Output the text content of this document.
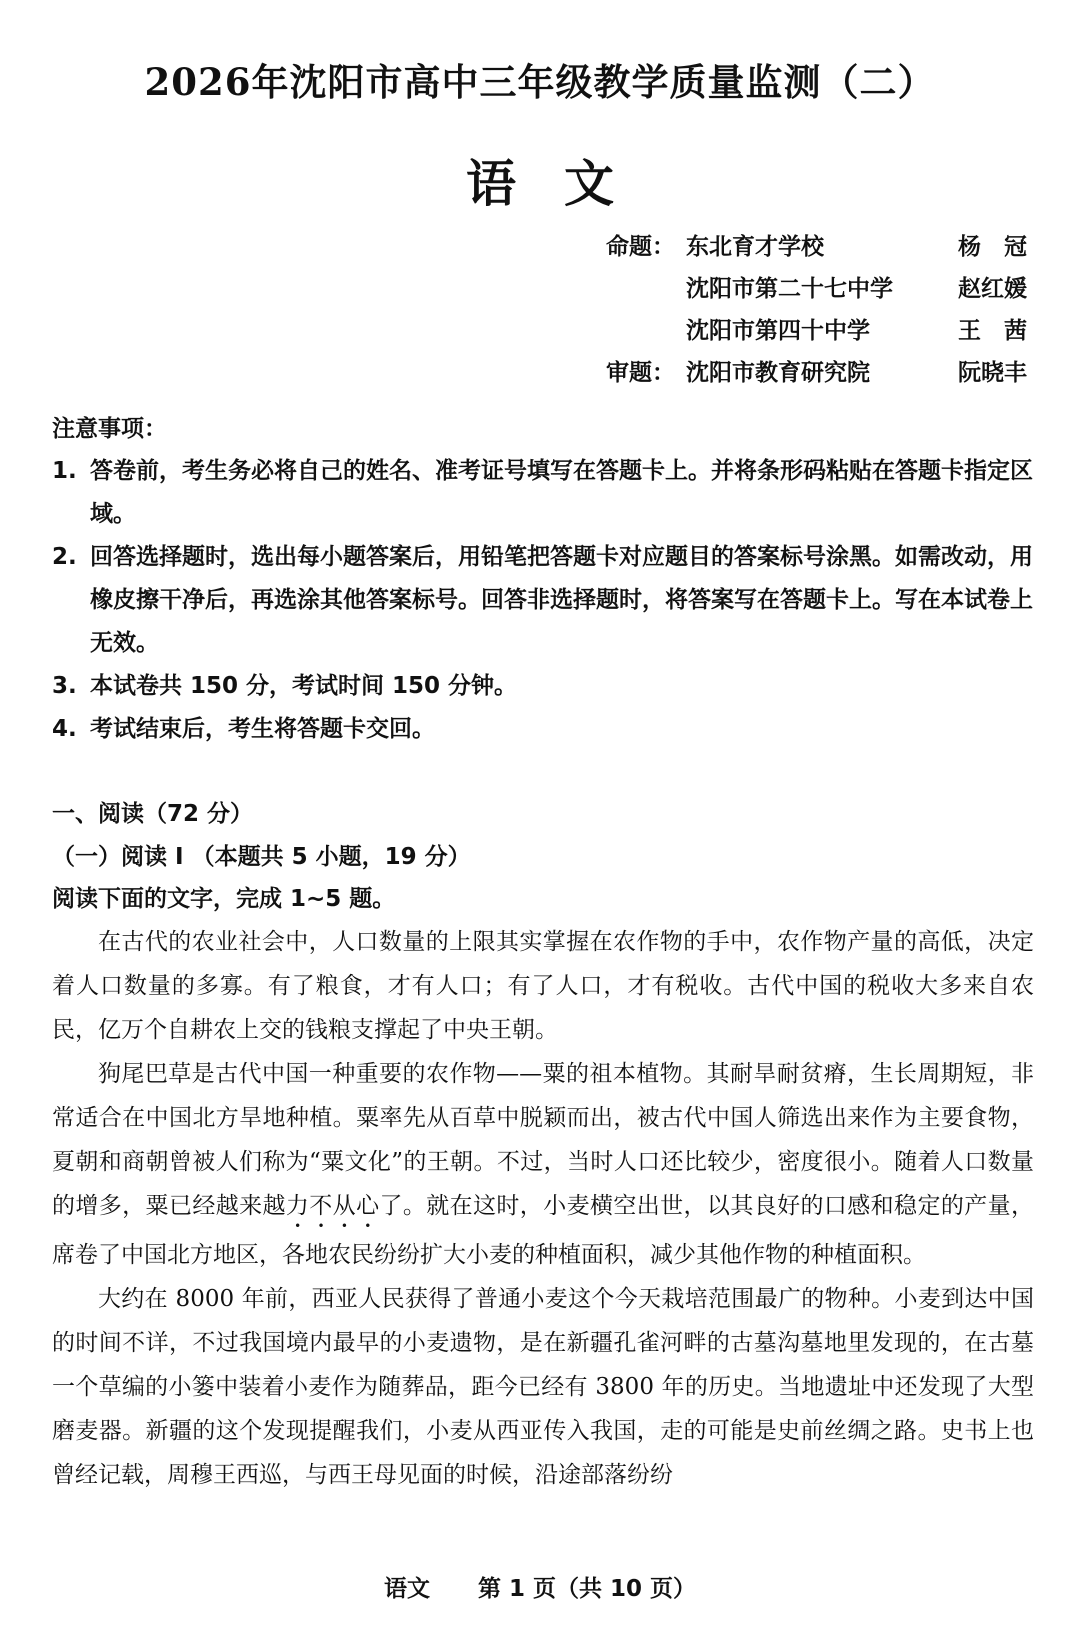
2026年沈阳市高中三年级教学质量监测（二）
语文
命题： 东北育才学校	杨　冠
沈阳市第二十七中学	赵红媛
沈阳市第四十中学	王　茜
审题： 沈阳市教育研究院	阮晓丰
注意事项：
1. 答卷前，考生务必将自己的姓名、准考证号填写在答题卡上。并将条形码粘贴在答题卡指定区域。
2. 回答选择题时，选出每小题答案后，用铅笔把答题卡对应题目的答案标号涂黑。如需改动，用橡皮擦干净后，再选涂其他答案标号。回答非选择题时，将答案写在答题卡上。写在本试卷上无效。
3. 本试卷共 150 分，考试时间 150 分钟。
4. 考试结束后，考生将答题卡交回。
一、阅读（72 分）
（一）阅读 I （本题共 5 小题，19 分）
阅读下面的文字，完成 1~5 题。

在古代的农业社会中，人口数量的上限其实掌握在农作物的手中，农作物产量的高低，决定着人口数量的多寡。有了粮食，才有人口；有了人口，才有税收。古代中国的税收大多来自农民，亿万个自耕农上交的钱粮支撑起了中央王朝。

狗尾巴草是古代中国一种重要的农作物——粟的祖本植物。其耐旱耐贫瘠，生长周期短，非常适合在中国北方旱地种植。粟率先从百草中脱颖而出，被古代中国人筛选出来作为主要食物，夏朝和商朝曾被人们称为“粟文化”的王朝。不过，当时人口还比较少，密度很小。随着人口数量的增多，粟已经越来越力不从心了。就在这时，小麦横空出世，以其良好的口感和稳定的产量，席卷了中国北方地区，各地农民纷纷扩大小麦的种植面积，减少其他作物的种植面积。

大约在 8000 年前，西亚人民获得了普通小麦这个今天栽培范围最广的物种。小麦到达中国的时间不详，不过我国境内最早的小麦遗物，是在新疆孔雀河畔的古墓沟墓地里发现的，在古墓一个草编的小篓中装着小麦作为随葬品，距今已经有 3800 年的历史。当地遗址中还发现了大型磨麦器。新疆的这个发现提醒我们，小麦从西亚传入我国，走的可能是史前丝绸之路。史书上也曾经记载，周穆王西巡，与西王母见面的时候，沿途部落纷纷

语文 第 1 页（共 10 页）
